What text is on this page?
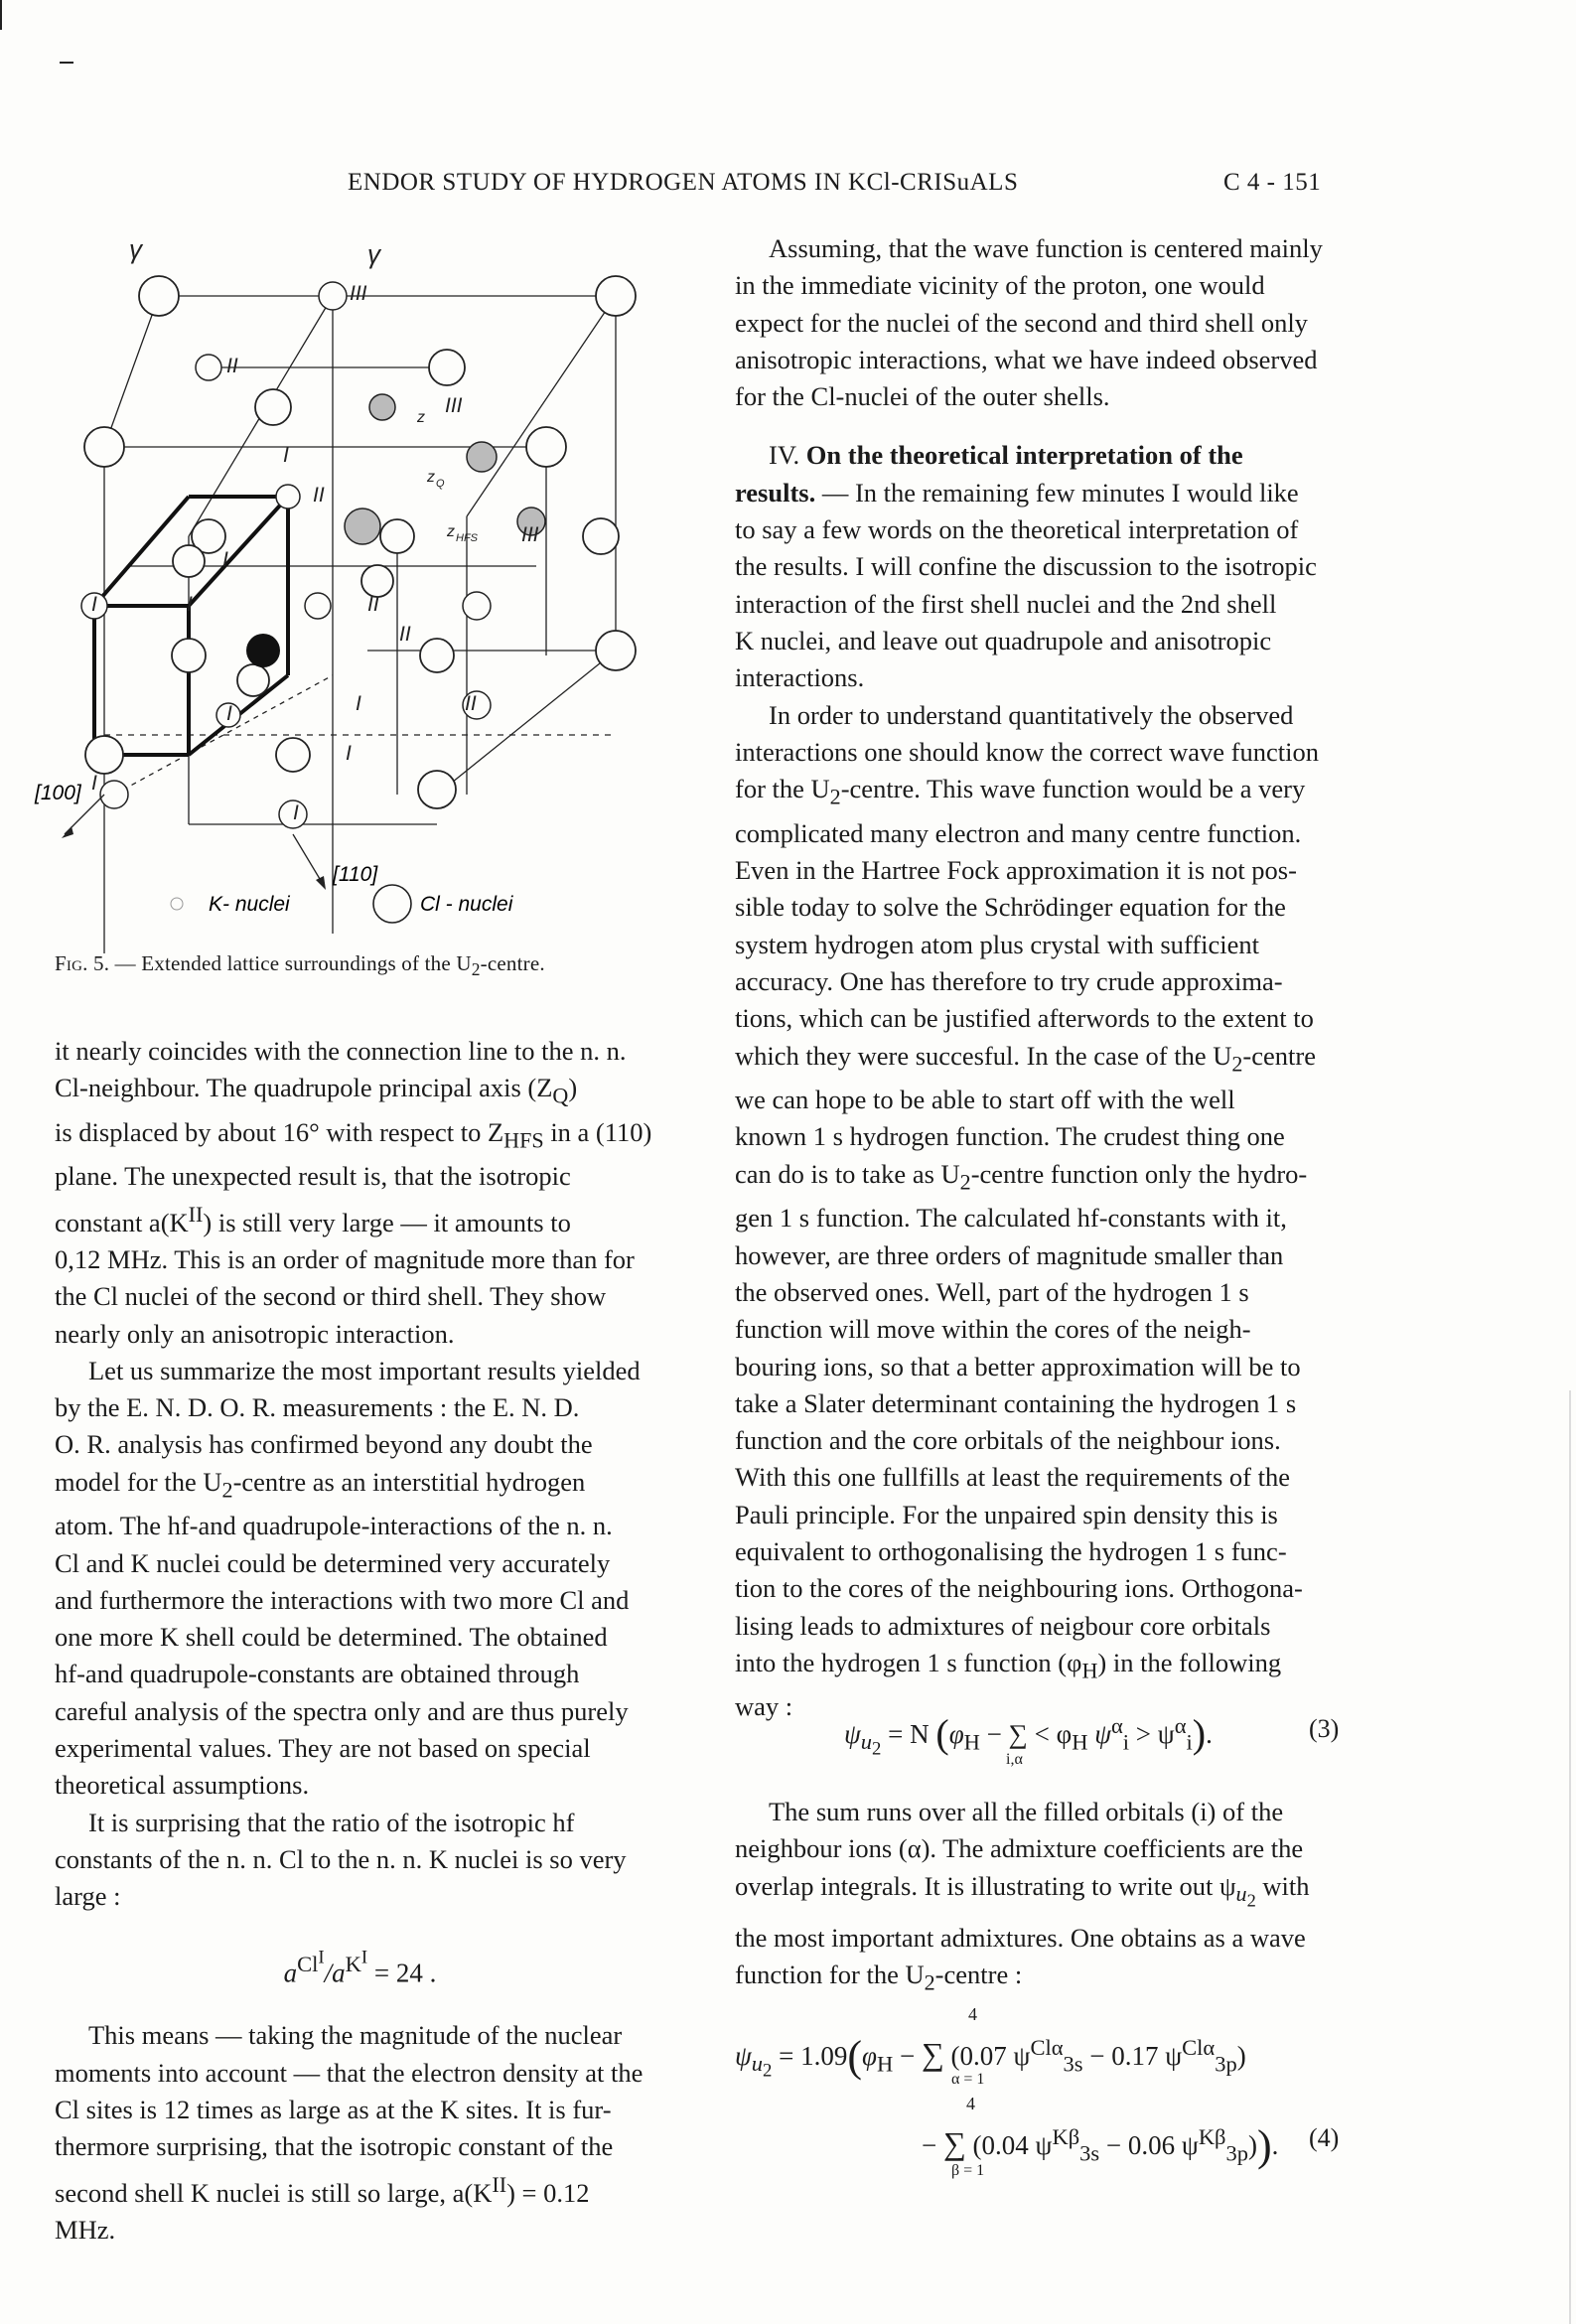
ENDOR STUDY OF HYDROGEN ATOMS IN KCl-CRISuALS	C 4 - 151
III
II
III
I
II
III
I
I	I	II
II
I	I	II
I
I
I
γ	γ
z
z Q
z HFS
[100]
[110]
K- nuclei	Cl - nuclei
Fig. 5. — Extended lattice surroundings of the $U_2$-centre.

it nearly coincides with the connection line to the n. n.
Cl-neighbour. The quadrupole principal axis $(Z_Q)$
is displaced by about 16° with respect to $Z_{HFS}$ in a (110)
plane. The unexpected result is, that the isotropic
constant $a(K^{II})$ is still very large — it amounts to
0,12 MHz. This is an order of magnitude more than for
the Cl nuclei of the second or third shell. They show
nearly only an anisotropic interaction.

Let us summarize the most important results yielded
by the E. N. D. O. R. measurements : the E. N. D.
O. R. analysis has confirmed beyond any doubt the
model for the $U_2$-centre as an interstitial hydrogen
atom. The hf-and quadrupole-interactions of the n. n.
Cl and K nuclei could be determined very accurately
and furthermore the interactions with two more Cl and
one more K shell could be determined. The obtained
hf-and quadrupole-constants are obtained through
careful analysis of the spectra only and are thus purely
experimental values. They are not based on special
theoretical assumptions.

It is surprising that the ratio of the isotropic hf
constants of the n. n. Cl to the n. n. K nuclei is so very
large :

$a^{Cl^I}/a^{K^I} = 24$ .

This means — taking the magnitude of the nuclear
moments into account — that the electron density at the
Cl sites is 12 times as large as at the K sites. It is fur-
thermore surprising, that the isotropic constant of the
second shell K nuclei is still so large, $a(K^{II}) = 0.12$
MHz.

Assuming, that the wave function is centered mainly
in the immediate vicinity of the proton, one would
expect for the nuclei of the second and third shell only
anisotropic interactions, what we have indeed observed
for the Cl-nuclei of the outer shells.

IV. On the theoretical interpretation of the
results. — In the remaining few minutes I would like
to say a few words on the theoretical interpretation of
the results. I will confine the discussion to the isotropic
interaction of the first shell nuclei and the 2nd shell
K nuclei, and leave out quadrupole and anisotropic
interactions.

In order to understand quantitatively the observed
interactions one should know the correct wave function
for the $U_2$-centre. This wave function would be a very
complicated many electron and many centre function.
Even in the Hartree Fock approximation it is not pos-
sible today to solve the Schrödinger equation for the
system hydrogen atom plus crystal with sufficient
accuracy. One has therefore to try crude approxima-
tions, which can be justified afterwords to the extent to
which they were succesful. In the case of the $U_2$-centre
we can hope to be able to start off with the well
known 1 s hydrogen function. The crudest thing one
can do is to take as $U_2$-centre function only the hydro-
gen 1 s function. The calculated hf-constants with it,
however, are three orders of magnitude smaller than
the observed ones. Well, part of the hydrogen 1 s
function will move within the cores of the neigh-
bouring ions, so that a better approximation will be to
take a Slater determinant containing the hydrogen 1 s
function and the core orbitals of the neighbour ions.
With this one fullfills at least the requirements of the
Pauli principle. For the unpaired spin density this is
equivalent to orthogonalising the hydrogen 1 s func-
tion to the cores of the neighbouring ions. Orthogona-
lising leads to admixtures of neigbour core orbitals
into the hydrogen 1 s function $(\varphi_H)$ in the following
way :

$\psi_{u_2} = N$ ($\varphi_H$ − ∑ < $\varphi_H$ $\psi^\alpha_i > \psi^\alpha_i$).
i,α
(3)

The sum runs over all the filled orbitals (i) of the
neighbour ions (α). The admixture coefficients are the
overlap integrals. It is illustrating to write out $\psi_{u_2}$ with
the most important admixtures. One obtains as a wave
function for the $U_2$-centre :

$\psi_{u_2} = 1.09(\varphi_H$ − ∑ (0.07 $\psi^{Cl\alpha}_{3s} - 0.17$ $\psi^{Cl\alpha}_{3p}$)
4
α = 1
− ∑ (0.04 $\psi^{K\beta}_{3s} - 0.06$ $\psi^{K\beta}_{3p}$)).
4
β = 1
(4)
